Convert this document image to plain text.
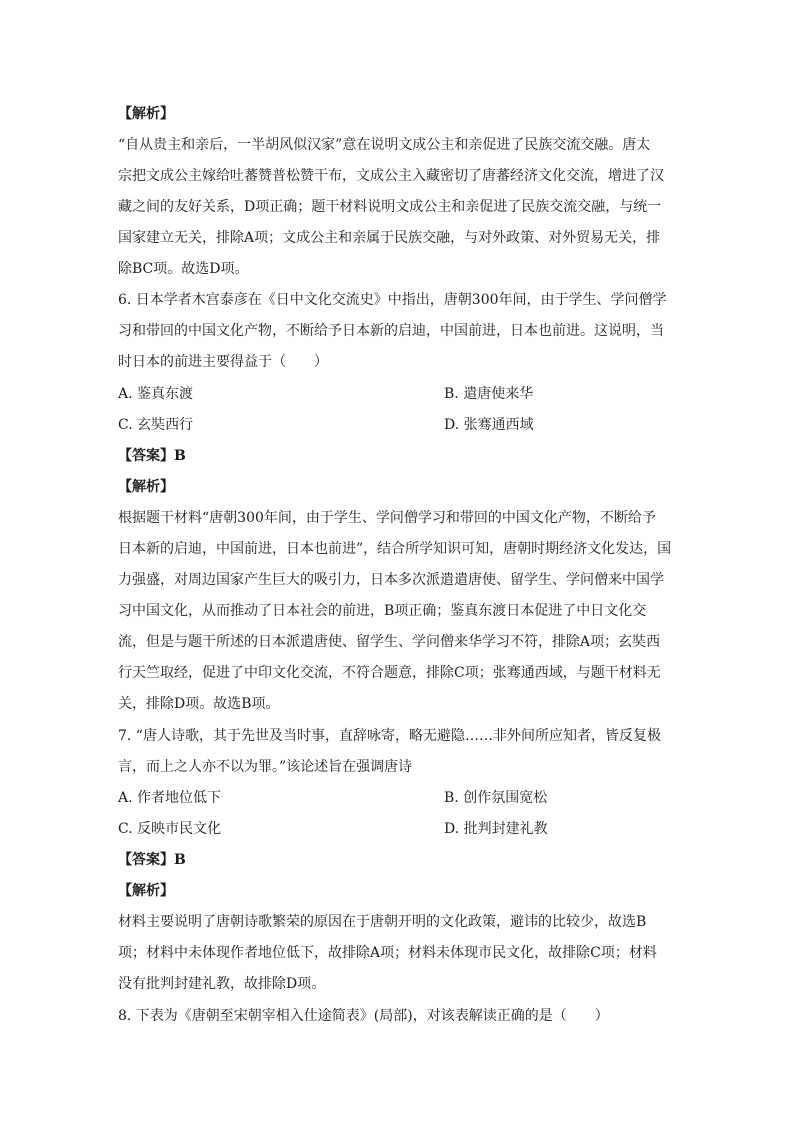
【解析】
“自从贵主和亲后，一半胡风似汉家”意在说明文成公主和亲促进了民族交流交融。唐太
宗把文成公主嫁给吐蕃赞普松赞干布，文成公主入藏密切了唐蕃经济文化交流，增进了汉
藏之间的友好关系，D项正确；题干材料说明文成公主和亲促进了民族交流交融，与统一
国家建立无关，排除A项；文成公主和亲属于民族交融，与对外政策、对外贸易无关，排
除BC项。故选D项。
6. 日本学者木宫泰彦在《日中文化交流史》中指出，唐朝300年间，由于学生、学问僧学
习和带回的中国文化产物，不断给予日本新的启迪，中国前进，日本也前进。这说明，当
时日本的前进主要得益于（　　）
A. 鉴真东渡	B. 遣唐使来华
C. 玄奘西行	D. 张骞通西域
【答案】B
【解析】
根据题干材料“唐朝300年间，由于学生、学问僧学习和带回的中国文化产物，不断给予
日本新的启迪，中国前进，日本也前进”，结合所学知识可知，唐朝时期经济文化发达，国
力强盛，对周边国家产生巨大的吸引力，日本多次派遣遣唐使、留学生、学问僧来中国学
习中国文化，从而推动了日本社会的前进，B项正确；鉴真东渡日本促进了中日文化交
流，但是与题干所述的日本派遣唐使、留学生、学问僧来华学习不符，排除A项；玄奘西
行天竺取经，促进了中印文化交流，不符合题意，排除C项；张骞通西域，与题干材料无
关，排除D项。故选B项。
7. “唐人诗歌，其于先世及当时事，直辞咏寄，略无避隐……非外间所应知者，皆反复极
言，而上之人亦不以为罪。”该论述旨在强调唐诗
A. 作者地位低下	B. 创作氛围宽松
C. 反映市民文化	D. 批判封建礼教
【答案】B
【解析】
材料主要说明了唐朝诗歌繁荣的原因在于唐朝开明的文化政策，避讳的比较少，故选B
项；材料中未体现作者地位低下，故排除A项；材料未体现市民文化，故排除C项；材料
没有批判封建礼教，故排除D项。
8. 下表为《唐朝至宋朝宰相入仕途简表》(局部)，对该表解读正确的是（　　）
